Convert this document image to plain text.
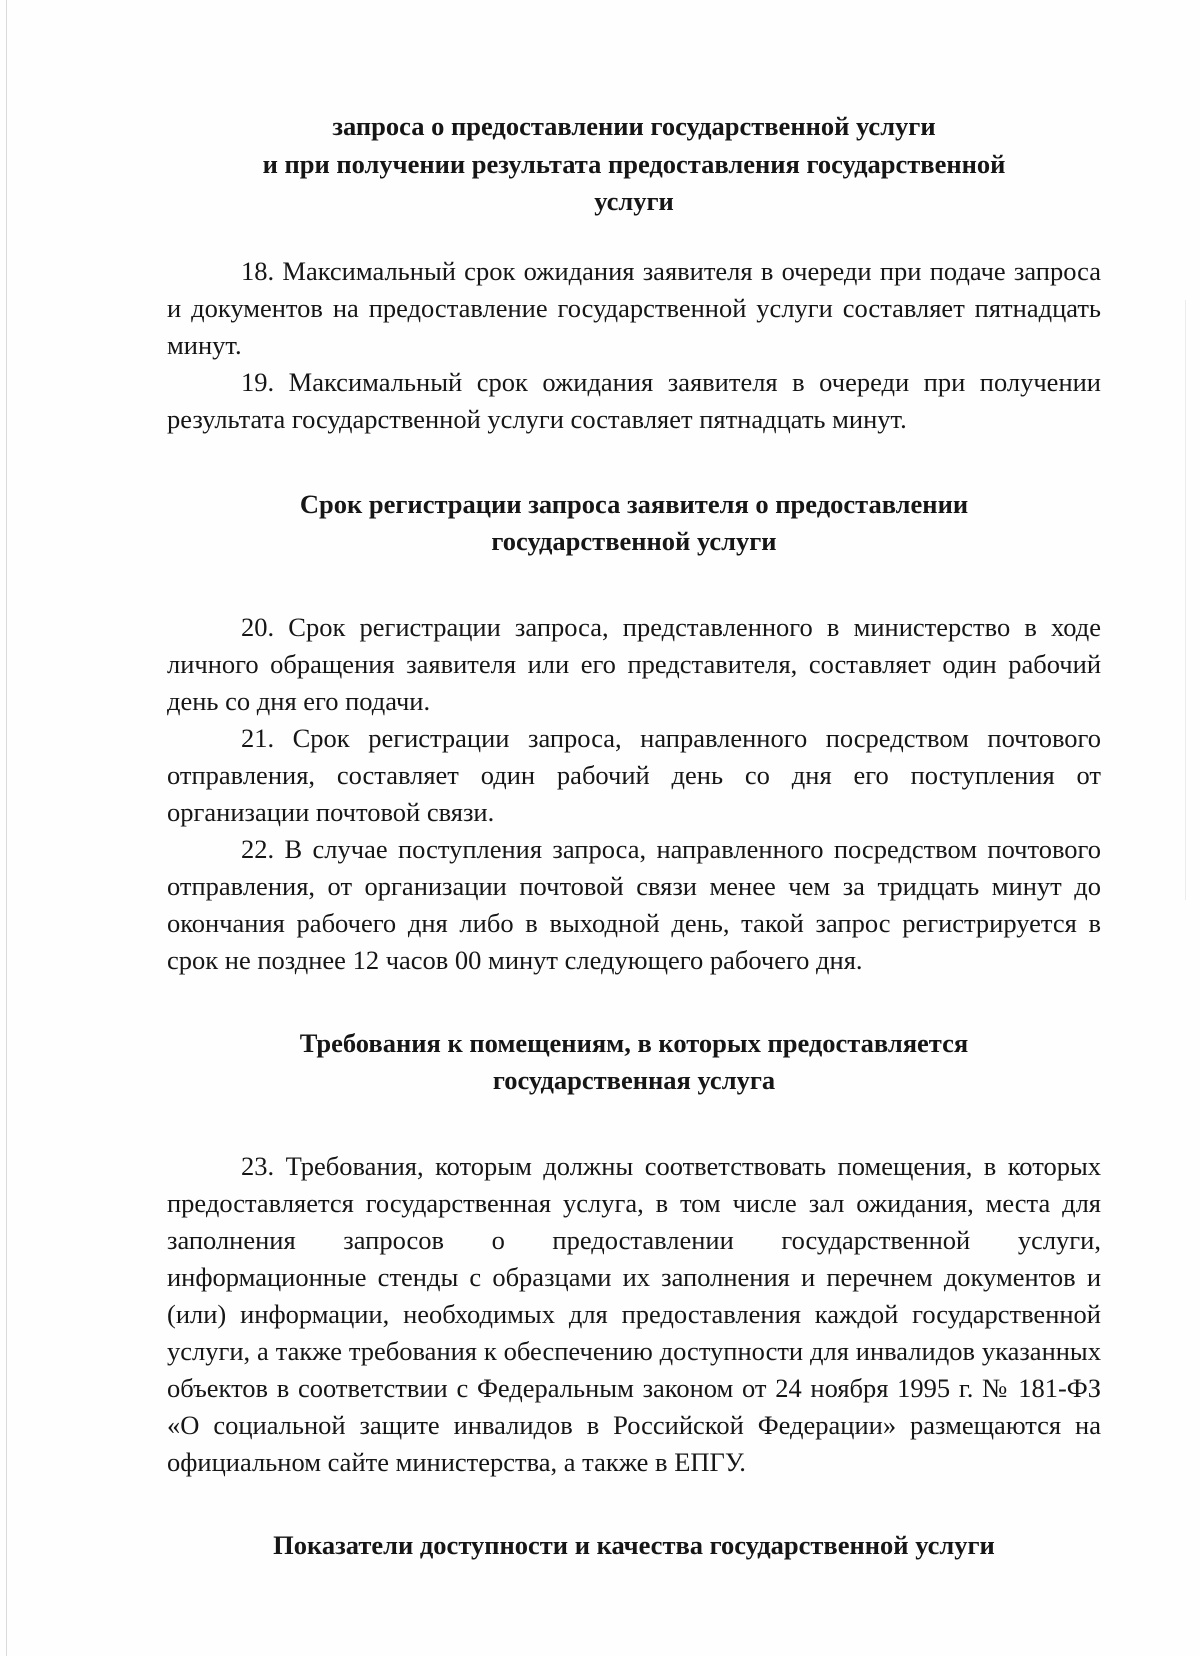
запроса о предоставлении государственной услуги
и при получении результата предоставления государственной
услуги

18. Максимальный срок ожидания заявителя в очереди при подаче запроса и документов на предоставление государственной услуги составляет пятнадцать минут.

19. Максимальный срок ожидания заявителя в очереди при получении результата государственной услуги составляет пятнадцать минут.

Срок регистрации запроса заявителя о предоставлении
государственной услуги

20. Срок регистрации запроса, представленного в министерство в ходе личного обращения заявителя или его представителя, составляет один рабочий день со дня его подачи.

21. Срок регистрации запроса, направленного посредством почтового отправления, составляет один рабочий день со дня его поступления от организации почтовой связи.

22. В случае поступления запроса, направленного посредством почтового отправления, от организации почтовой связи менее чем за тридцать минут до окончания рабочего дня либо в выходной день, такой запрос регистрируется в срок не позднее 12 часов 00 минут следующего рабочего дня.

Требования к помещениям, в которых предоставляется
государственная услуга

23. Требования, которым должны соответствовать помещения, в которых предоставляется государственная услуга, в том числе зал ожидания, места для заполнения запросов о предоставлении государственной услуги, информационные стенды с образцами их заполнения и перечнем документов и (или) информации, необходимых для предоставления каждой государственной услуги, а также требования к обеспечению доступности для инвалидов указанных объектов в соответствии с Федеральным законом от 24 ноября 1995 г. № 181-ФЗ «О социальной защите инвалидов в Российской Федерации» размещаются на официальном сайте министерства, а также в ЕПГУ.

Показатели доступности и качества государственной услуги
